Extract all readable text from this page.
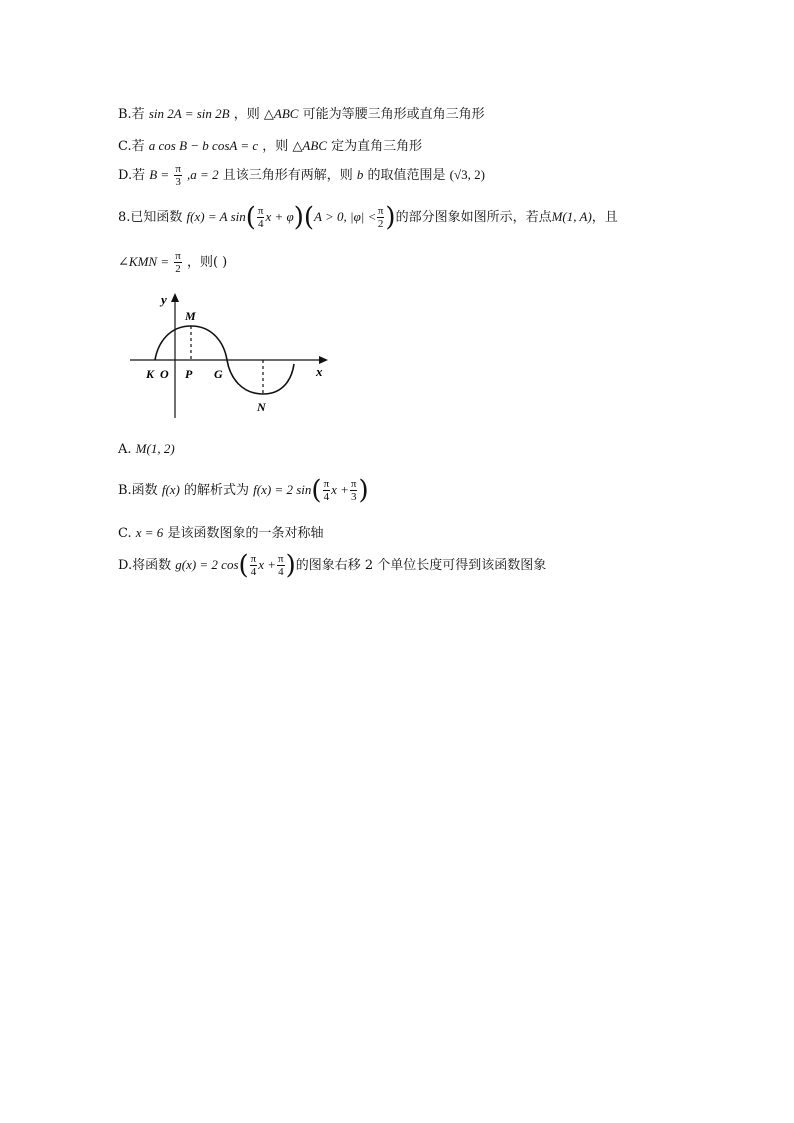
B.若 sin 2A = sin 2B ，则 △ABC 可能为等腰三角形或直角三角形
C.若 a cos B − b cosA = c ，则 △ABC 定为直角三角形
D.若 $B = \frac{\pi}{3} ,a = 2$ 且该三角形有两解，则 b 的取值范围是 (√3, 2)
8.已知函数 f(x) = A $\sin( \frac{\pi}{4}$ x + φ)(A > 0, $|\varphi| < \frac{\pi}{2}$ )的部分图象如图所示，若点M(1, A)，且
∠KMN = $\frac{\pi}{2}$ ，则( )
y
x
M
K O P G
N
A. M(1, 2)
B.函数 f(x) 的解析式为 f(x) = 2 $\sin( \frac{\pi}{4}$ $x + \frac{\pi}{3}$ )
C. x = 6 是该函数图象的一条对称轴
D.将函数 g(x) = 2 $\cos( \frac{\pi}{4}$ $x + \frac{\pi}{4}$ )的图象右移 2 个单位长度可得到该函数图象
